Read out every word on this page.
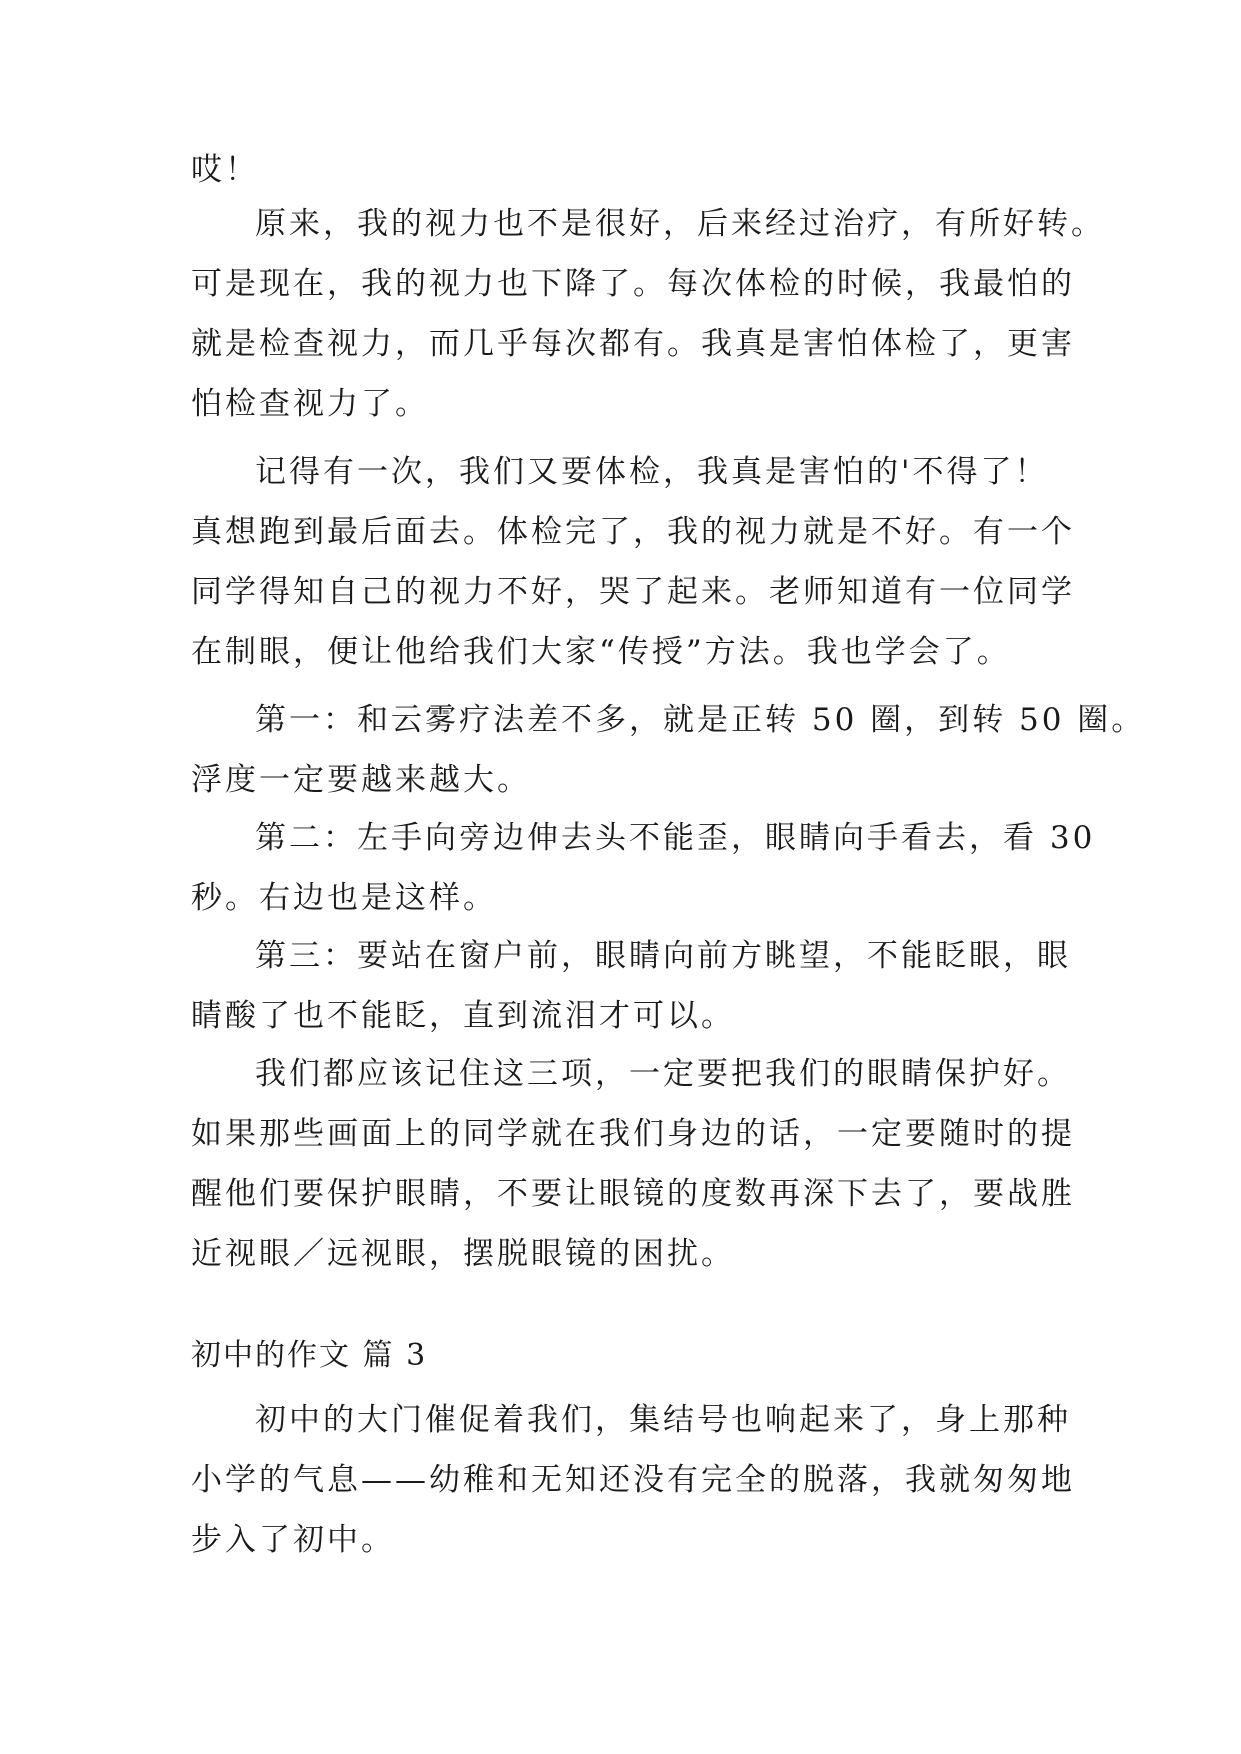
哎！
原来，我的视力也不是很好，后来经过治疗，有所好转。
可是现在，我的视力也下降了。每次体检的时候，我最怕的
就是检查视力，而几乎每次都有。我真是害怕体检了，更害
怕检查视力了。
记得有一次，我们又要体检，我真是害怕的'不得了！
真想跑到最后面去。体检完了，我的视力就是不好。有一个
同学得知自己的视力不好，哭了起来。老师知道有一位同学
在制眼，便让他给我们大家“传授”方法。我也学会了。
第一：和云雾疗法差不多，就是正转 50 圈，到转 50 圈。
浮度一定要越来越大。
第二：左手向旁边伸去头不能歪，眼睛向手看去，看 30
秒。右边也是这样。
第三：要站在窗户前，眼睛向前方眺望，不能眨眼，眼
睛酸了也不能眨，直到流泪才可以。
我们都应该记住这三项，一定要把我们的眼睛保护好。
如果那些画面上的同学就在我们身边的话，一定要随时的提
醒他们要保护眼睛，不要让眼镜的度数再深下去了，要战胜
近视眼／远视眼，摆脱眼镜的困扰。
初中的作文 篇 3
初中的大门催促着我们，集结号也响起来了，身上那种
小学的气息——幼稚和无知还没有完全的脱落，我就匆匆地
步入了初中。
